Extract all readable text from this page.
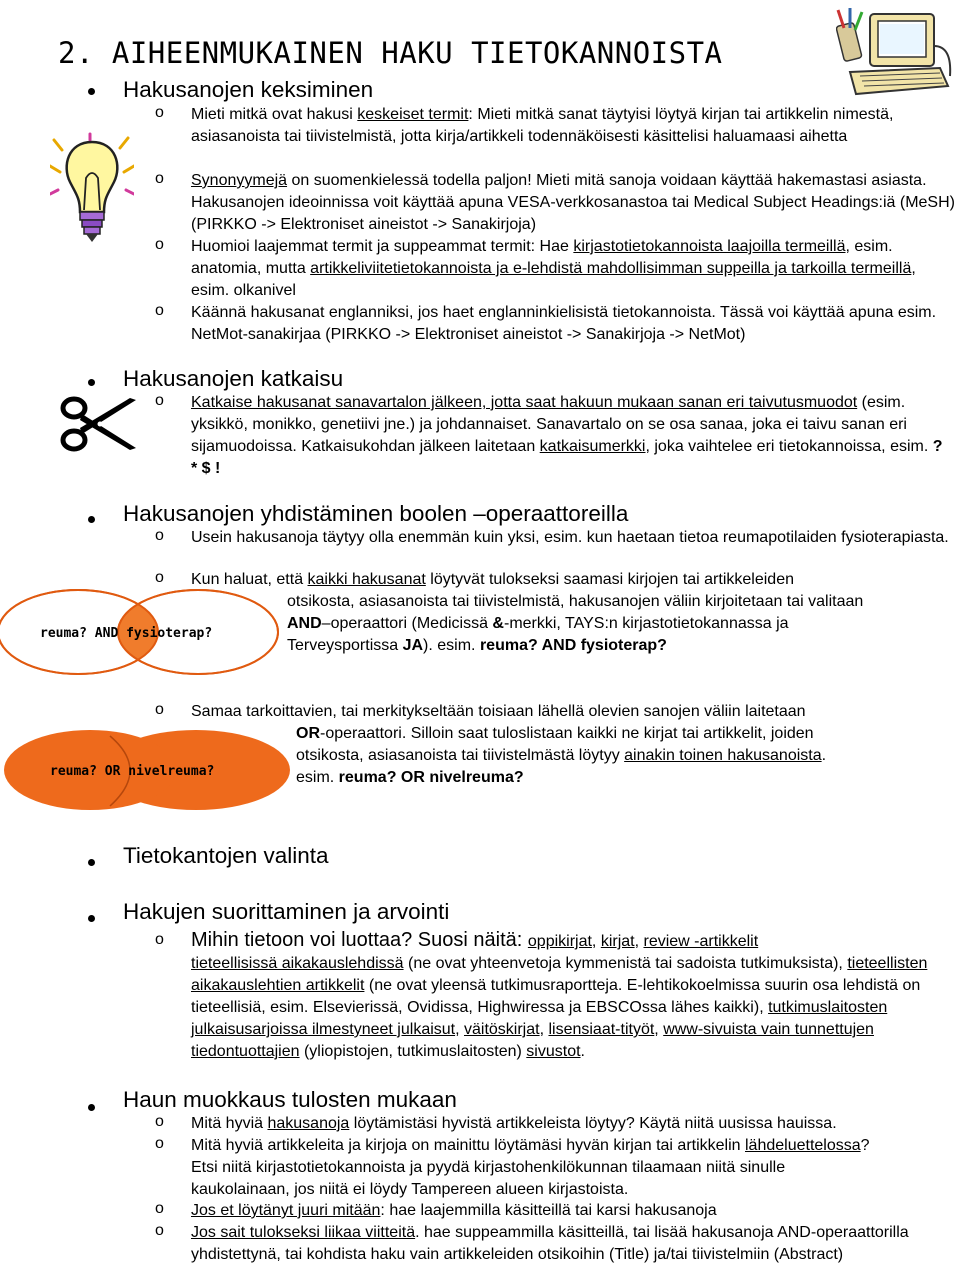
2. AIHEENMUKAINEN HAKU TIETOKANNOISTA
Hakusanojen keksiminen
o Mieti mitkä ovat hakusi keskeiset termit: Mieti mitkä sanat täytyisi löytyä kirjan tai artikkelin nimestä, asiasanoista tai tiivistelmistä, jotta kirja/artikkeli todennäköisesti käsittelisi haluamaasi aihetta
o Synonyymejä on suomenkielessä todella paljon! Mieti mitä sanoja voidaan käyttää hakemastasi asiasta. Hakusanojen ideoinnissa voit käyttää apuna VESA-verkkosanastoa tai Medical Subject Headings:iä (MeSH) (PIRKKO -> Elektroniset aineistot -> Sanakirjoja)
o Huomioi laajemmat termit ja suppeammat termit: Hae kirjastotietokannoista laajoilla termeillä, esim. anatomia, mutta artikkeliviitetietokannoista ja e-lehdistä mahdollisimman suppeilla ja tarkoilla termeillä, esim. olkanivel
o Käännä hakusanat englanniksi, jos haet englanninkielisistä tietokannoista. Tässä voi käyttää apuna esim. NetMot-sanakirjaa (PIRKKO -> Elektroniset aineistot -> Sanakirjoja -> NetMot)
Hakusanojen katkaisu
o Katkaise hakusanat sanavartalon jälkeen, jotta saat hakuun mukaan sanan eri taivutusmuodot (esim. yksikkö, monikko, genetiivi jne.) ja johdannaiset. Sanavartalo on se osa sanaa, joka ei taivu sanan eri sijamuodoissa. Katkaisukohdan jälkeen laitetaan katkaisumerkki, joka vaihtelee eri tietokannoissa, esim. ? * $ !
Hakusanojen yhdistäminen boolen –operaattoreilla
o Usein hakusanoja täytyy olla enemmän kuin yksi, esim. kun haetaan tietoa reumapotilaiden fysioterapiasta.
o Kun haluat, että kaikki hakusanat löytyvät tulokseksi saamasi kirjojen tai artikkeleiden
otsikosta, asiasanoista tai tiivistelmistä, hakusanojen väliin kirjoitetaan tai valitaan
AND–operaattori (Medicissä &-merkki, TAYS:n kirjastotietokannassa ja
Terveysportissa JA). esim. reuma? AND fysioterap?
reuma? AND fysioterap?
o Samaa tarkoittavien, tai merkitykseltään toisiaan lähellä olevien sanojen väliin laitetaan
OR-operaattori. Silloin saat tuloslistaan kaikki ne kirjat tai artikkelit, joiden
otsikosta, asiasanoista tai tiivistelmästä löytyy ainakin toinen hakusanoista.
esim. reuma? OR nivelreuma?
reuma? OR nivelreuma?
Tietokantojen valinta
Hakujen suorittaminen ja arvointi
o Mihin tietoon voi luottaa? Suosi näitä: oppikirjat, kirjat, review -artikkelit
tieteellisissä aikakauslehdissä (ne ovat yhteenvetoja kymmenistä tai sadoista tutkimuksista), tieteellisten aikakauslehtien artikkelit (ne ovat yleensä tutkimusraportteja. E-lehtikokoelmissa suurin osa lehdistä on tieteellisiä, esim. Elsevierissä, Ovidissa, Highwiressa ja EBSCOssa lähes kaikki), tutkimuslaitosten julkaisusarjoissa ilmestyneet julkaisut, väitöskirjat, lisensiaat-tityöt, www-sivuista vain tunnettujen tiedontuottajien (yliopistojen, tutkimuslaitosten) sivustot.
Haun muokkaus tulosten mukaan
o Mitä hyviä hakusanoja löytämistäsi hyvistä artikkeleista löytyy? Käytä niitä uusissa hauissa.
o Mitä hyviä artikkeleita ja kirjoja on mainittu löytämäsi hyvän kirjan tai artikkelin lähdeluettelossa? Etsi niitä kirjastotietokannoista ja pyydä kirjastohenkilökunnan tilaamaan niitä sinulle kaukolainaan, jos niitä ei löydy Tampereen alueen kirjastoista.
o Jos et löytänyt juuri mitään: hae laajemmilla käsitteillä tai karsi hakusanoja
o Jos sait tulokseksi liikaa viitteitä. hae suppeammilla käsitteillä, tai lisää hakusanoja AND-operaattorilla yhdistettynä, tai kohdista haku vain artikkeleiden otsikoihin (Title) ja/tai tiivistelmiin (Abstract)
